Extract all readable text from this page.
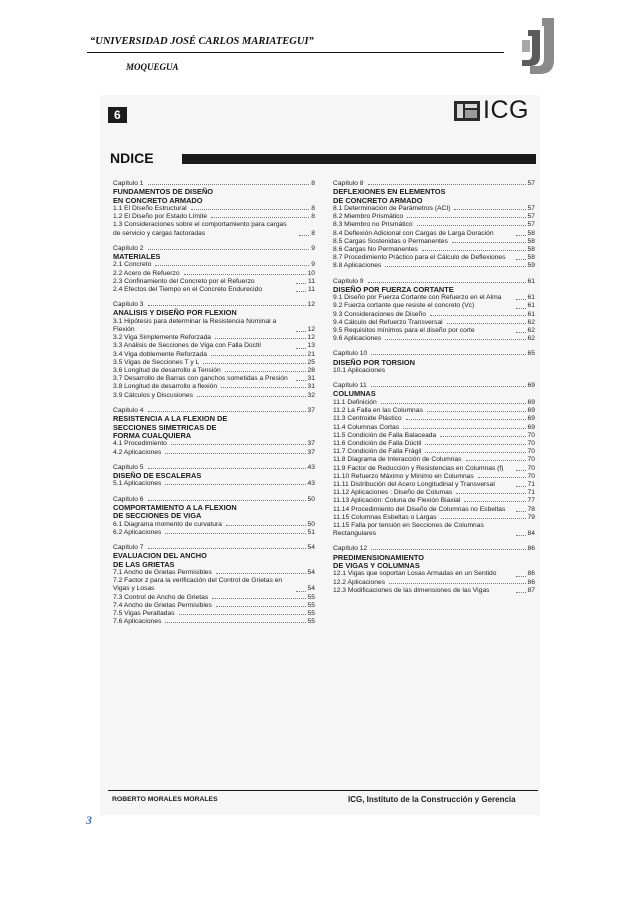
“UNIVERSIDAD JOSÉ CARLOS MARIATEGUI”
MOQUEGUA
6	ICG
NDICE
Capítulo 1	8
FUNDAMENTOS DE DISEÑO
EN CONCRETO ARMADO
1.1 El Diseño Estructural	8
1.2 El Diseño por Estado Límite	8
1.3 Consideraciones sobre el comportamiento para cargas de servicio y cargas factoradas	8
Capítulo 2	9
MATERIALES
2.1 Concreto	9
2.2 Acero de Refuerzo	10
2.3 Confinamiento del Concreto por el Refuerzo	11
2.4 Efectos del Tiempo en el Concreto Endurecido	11
Capítulo 3	12
ANALISIS Y DISEÑO POR FLEXION
3.1 Hipótesis para determinar la Resistencia Nominal a Flexión	12
3.2 Viga Simplemente Reforzada	12
3.3 Análisis de Secciones de Viga con Falla Dúctil	13
3.4 Viga doblemente Reforzada	21
3.5 Vigas de Secciones T y L	25
3.6 Longitud de desarrollo a Tensión	28
3.7 Desarrollo de Barras con ganchos sometidas a Presión	31
3.8 Longitud de desarrollo a flexión	31
3.9 Cálculos y Discusiones	32
Capítulo 4	37
RESISTENCIA A LA FLEXION DE
SECCIONES SIMETRICAS DE
FORMA CUALQUIERA
4.1 Procedimiento	37
4.2 Aplicaciones	37
Capítulo 5	43
DISEÑO DE ESCALERAS
5.1 Aplicaciones	43
Capítulo 6	50
COMPORTAMIENTO A LA FLEXION
DE SECCIONES DE VIGA
6.1 Diagrama momento de curvatura	50
6.2 Aplicaciones	51
Capítulo 7	54
EVALUACION DEL ANCHO
DE LAS GRIETAS
7.1 Ancho de Grietas Permisibles	54
7.2 Factor z para la verificación del Control de Grietas en Vigas y Losas	54
7.3 Control de Ancho de Grietas	55
7.4 Ancho de Grietas Permisibles	55
7.5 Vigas Peraltadas	55
7.6 Aplicaciones	55
Capítulo 8	57
DEFLEXIONES EN ELEMENTOS
DE CONCRETO ARMADO
8.1 Determinación de Parámetros (ACI)	57
8.2 Miembro Prismático	57
8.3 Miembro no Prismático	57
8.4 Deflexión Adicional con Cargas de Larga Duración	58
8.5 Cargas Sostenidas o Permanentes	58
8.6 Cargas No Permanentes	58
8.7 Procedimiento Práctico para el Cálculo de Deflexiones	58
8.8 Aplicaciones	59
Capítulo 9	61
DISEÑO POR FUERZA CORTANTE
9.1 Diseño por Fuerza Cortante con Refuerzo en el Alma	61
9.2 Fuerza cortante que resiste el concreto (Vc)	61
9.3 Consideraciones de Diseño	61
9.4 Cálculo del Refuerzo Transversal	62
9.5 Requisitos mínimos para el diseño por corte	62
9.6 Aplicaciones	62
Capítulo 10	65
DISEÑO POR TORSION
10.1 Aplicaciones
Capítulo 11	69
COLUMNAS
11.1 Definición	69
11.2 La Falla en las Columnas	69
11.3 Centroide Plástico	69
11.4 Columnas Cortas	69
11.5 Condición de Falla Balaceada	70
11.6 Condición de Falla Dúctil	70
11.7 Condición de Falla Frágil	70
11.8 Diagrama de Interacción de Columnas	70
11.9 Factor de Reducción y Resistencias en Columnas (f)	70
11.10 Refuerzo Máximo y Mínimo en Columnas	70
11.11 Distribución del Acero Longitudinal y Transversal	71
11.12 Aplicaciones : Diseño de Columas	71
11.13 Aplicación: Coluna de Flexión Biaxial	77
11.14 Procedimiento del Diseño de Columnas no Esbeltas	78
11.15 Columnas Esbeltas o Largas	79
11.15 Falla por tensión en Secciones de Columnas Rectangulares	84
Capítulo 12	86
PREDIMENSIONAMIENTO
DE VIGAS Y COLUMNAS
12.1 Vigas que soportan Losas Armadas en un Sentido	86
12.2 Aplicaciones	86
12.3 Modificaciones de las dimensiones de las Vigas	87
ROBERTO MORALES MORALES	ICG, Instituto de la Construcción y Gerencia
3
